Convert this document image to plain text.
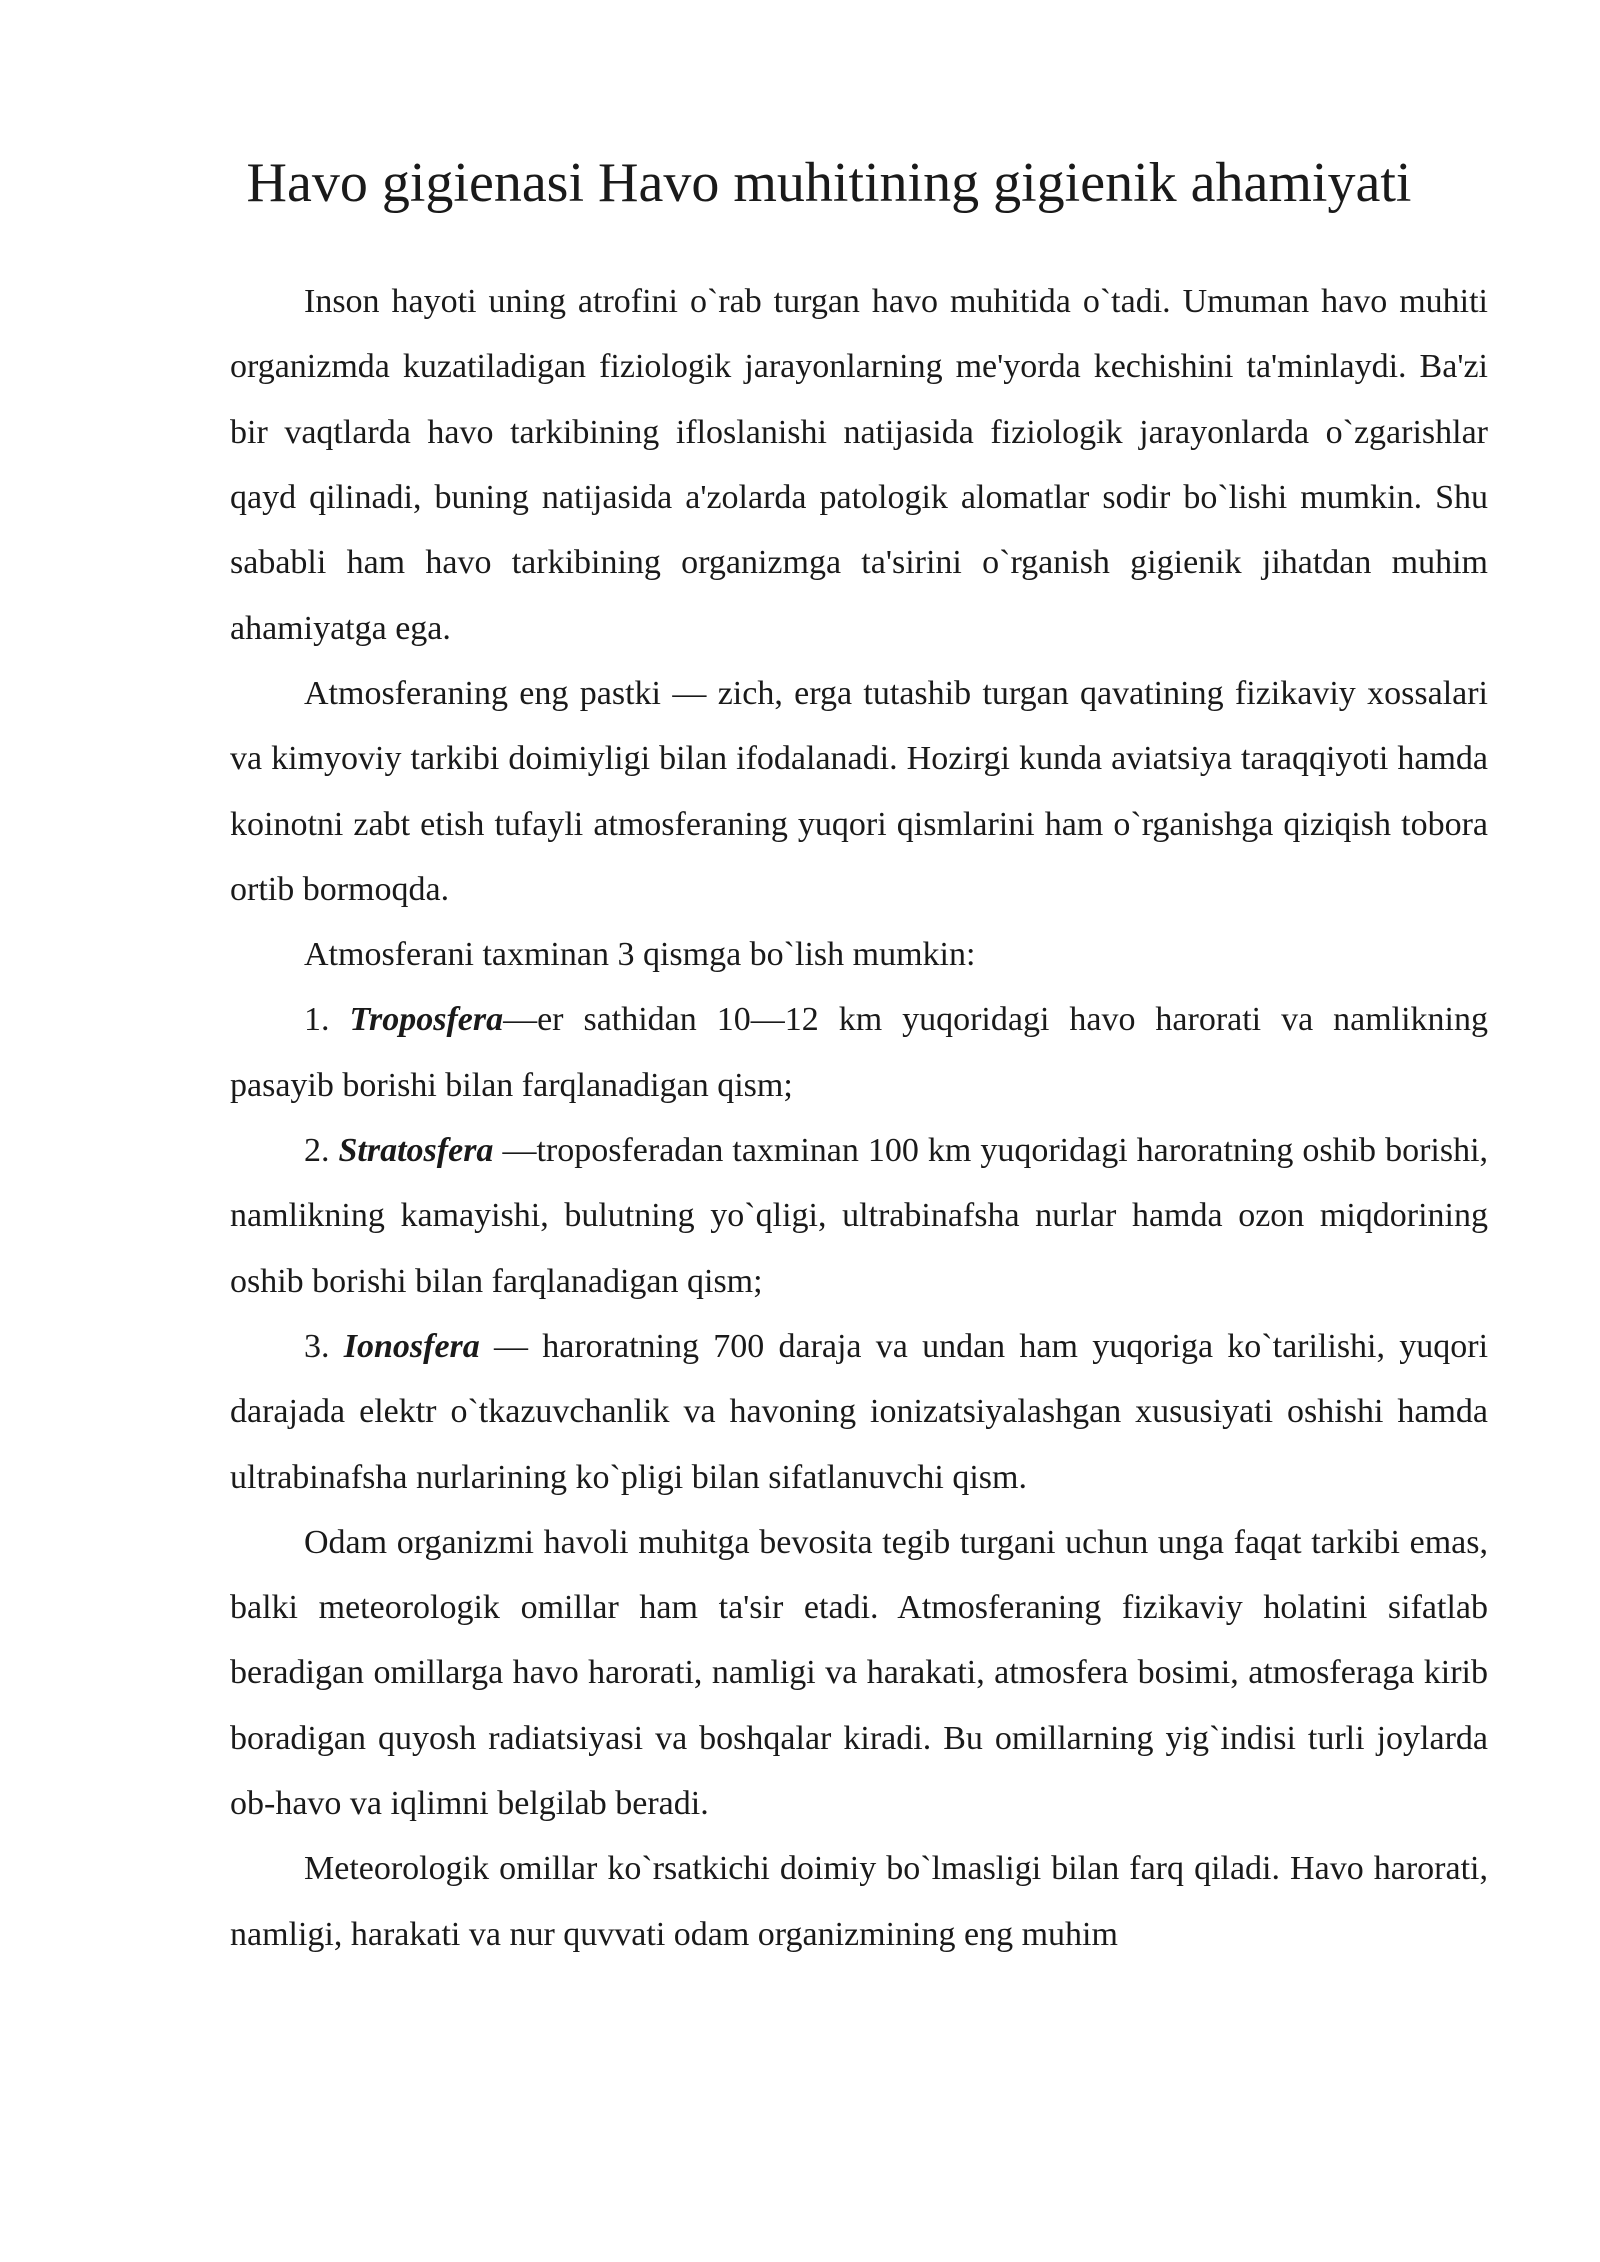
Havo gigienasi Havo muhitining gigienik ahamiyati

Inson hayoti uning atrofini o`rab turgan havo muhitida o`tadi. Umuman havo muhiti organizmda kuzatiladigan fiziologik jarayonlarning me'yorda kechishini ta'minlaydi. Ba'zi bir vaqtlarda havo tarkibining ifloslanishi natijasida fiziologik jarayonlarda o`zgarishlar qayd qilinadi, buning natijasida a'zolarda patologik alomatlar sodir bo`lishi mumkin. Shu sababli ham havo tarkibining organizmga ta'sirini o`rganish gigienik jihatdan muhim ahamiyatga ega.

Atmosferaning eng pastki — zich, erga tutashib turgan qavatining fizikaviy xossalari va kimyoviy tarkibi doimiyligi bilan ifodalanadi. Hozirgi kunda aviatsiya taraqqiyoti hamda koinotni zabt etish tufayli atmosferaning yuqori qismlarini ham o`rganishga qiziqish tobora ortib bormoqda.

Atmosferani taxminan 3 qismga bo`lish mumkin:

1. Troposfera—er sathidan 10—12 km yuqoridagi havo harorati va namlikning pasayib borishi bilan farqlanadigan qism;

2. Stratosfera —troposferadan taxminan 100 km yuqoridagi haroratning oshib borishi, namlikning kamayishi, bulutning yo`qligi, ultrabinafsha nurlar hamda ozon miqdorining oshib borishi bilan farqlanadigan qism;

3. Ionosfera — haroratning 700 daraja va undan ham yuqoriga ko`tarilishi, yuqori darajada elektr o`tkazuvchanlik va havoning ionizatsiyalashgan xususiyati oshishi hamda ultrabinafsha nurlarining ko`pligi bilan sifatlanuvchi qism.

Odam organizmi havoli muhitga bevosita tegib turgani uchun unga faqat tarkibi emas, balki meteorologik omillar ham ta'sir etadi. Atmosferaning fizikaviy holatini sifatlab beradigan omillarga havo harorati, namligi va harakati, atmosfera bosimi, atmosferaga kirib boradigan quyosh radiatsiyasi va boshqalar kiradi. Bu omillarning yig`indisi turli joylarda ob-havo va iqlimni belgilab beradi.

Meteorologik omillar ko`rsatkichi doimiy bo`lmasligi bilan farq qiladi. Havo harorati, namligi, harakati va nur quvvati odam organizmining eng muhim
